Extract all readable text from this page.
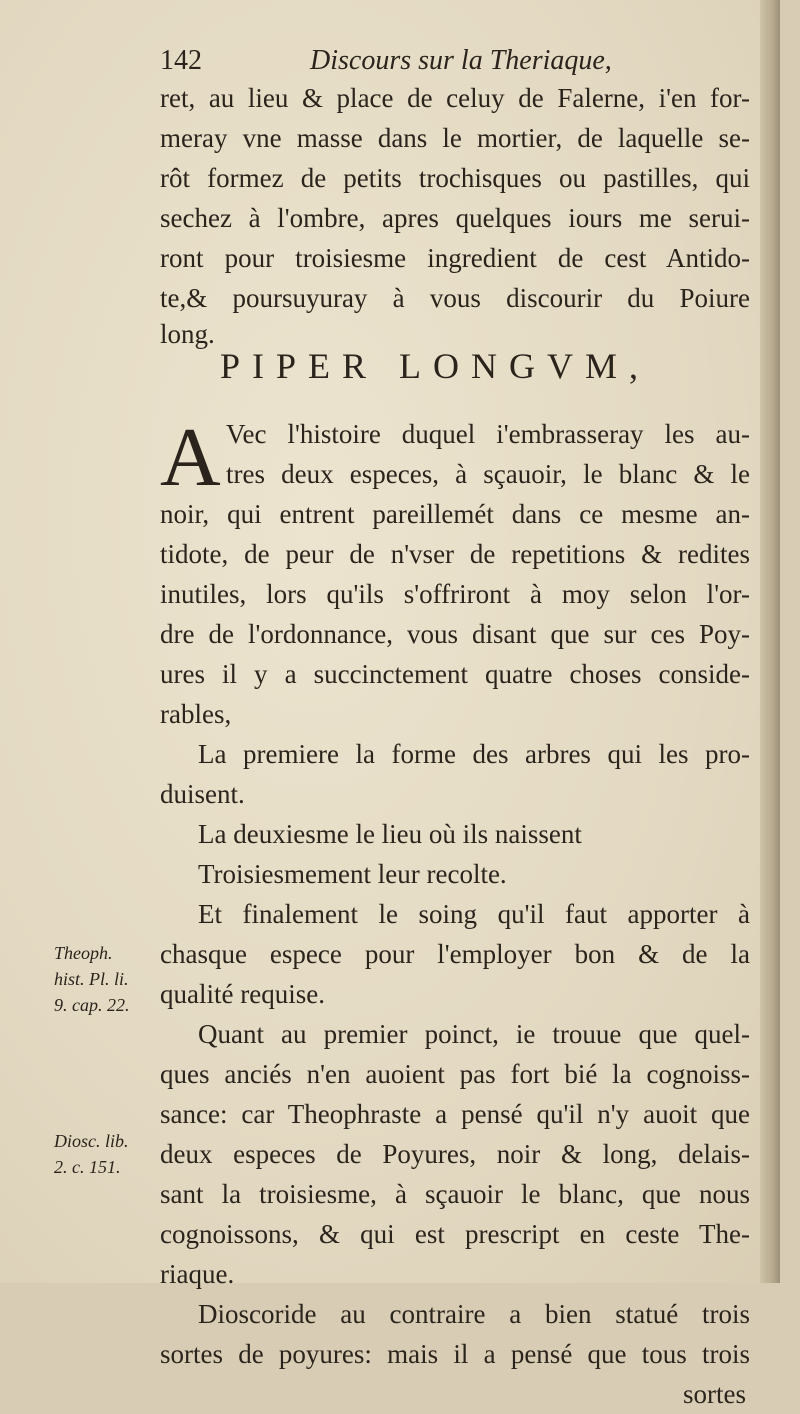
142	Discours sur la Theriaque,
ret, au lieu & place de celuy de Falerne, i'en for-
meray vne masse dans le mortier, de laquelle se-
rôt formez de petits trochisques ou pastilles, qui
sechez à l'ombre, apres quelques iours me serui-
ront pour troisiesme ingredient de cest Antido-
te,& poursuyuray à vous discourir du Poiure
long.
PIPER LONGVM,
A Vec l'histoire duquel i'embrasseray les au-
tres deux especes, à sçauoir, le blanc & le
noir, qui entrent pareillemét dans ce mesme an-
tidote, de peur de n'vser de repetitions & redites
inutiles, lors qu'ils s'offriront à moy selon l'or-
dre de l'ordonnance, vous disant que sur ces Poy-
ures il y a succinctement quatre choses conside-
rables,
La premiere la forme des arbres qui les pro-
duisent.
La deuxiesme le lieu où ils naissent
Troisiesmement leur recolte.
Et finalement le soing qu'il faut apporter à
chasque espece pour l'employer bon & de la
qualité requise.
Quant au premier poinct, ie trouue que quel-
ques anciés n'en auoient pas fort bié la cognoiss-
sance: car Theophraste a pensé qu'il n'y auoit que
deux especes de Poyures, noir & long, delais-
sant la troisiesme, à sçauoir le blanc, que nous
cognoissons, & qui est prescript en ceste The-
riaque.
Dioscoride au contraire a bien statué trois
sortes de poyures: mais il a pensé que tous trois
sortes
Theoph.
hist. Pl. li.
9. cap. 22.
Diosc. lib.
2. c. 151.
